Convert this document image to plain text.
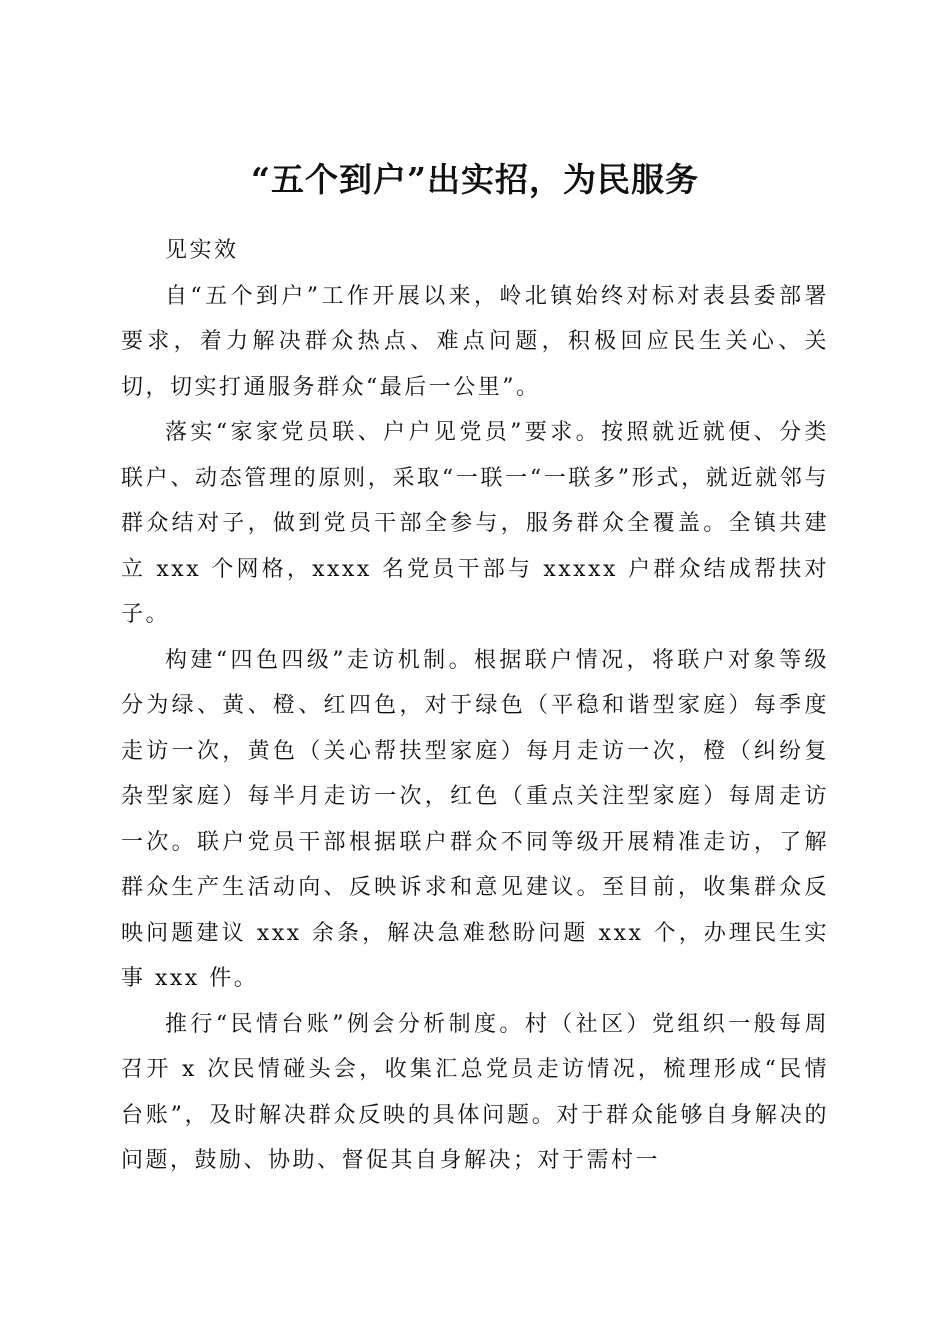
“五个到户”出实招，为民服务

见实效

自“五个到户”工作开展以来，岭北镇始终对标对表县委部署要求，着力解决群众热点、难点问题，积极回应民生关心、关切，切实打通服务群众“最后一公里”。

落实“家家党员联、户户见党员”要求。按照就近就便、分类联户、动态管理的原则，采取“一联一“一联多”形式，就近就邻与群众结对子，做到党员干部全参与，服务群众全覆盖。全镇共建立 xxx 个网格，xxxx 名党员干部与 xxxxx 户群众结成帮扶对子。

构建“四色四级”走访机制。根据联户情况，将联户对象等级分为绿、黄、橙、红四色，对于绿色（平稳和谐型家庭）每季度走访一次，黄色（关心帮扶型家庭）每月走访一次，橙（纠纷复杂型家庭）每半月走访一次，红色（重点关注型家庭）每周走访一次。联户党员干部根据联户群众不同等级开展精准走访，了解群众生产生活动向、反映诉求和意见建议。至目前，收集群众反映问题建议 xxx 余条，解决急难愁盼问题 xxx 个，办理民生实事 xxx 件。

推行“民情台账”例会分析制度。村（社区）党组织一般每周召开 x 次民情碰头会，收集汇总党员走访情况，梳理形成“民情台账”，及时解决群众反映的具体问题。对于群众能够自身解决的问题，鼓励、协助、督促其自身解决；对于需村一
